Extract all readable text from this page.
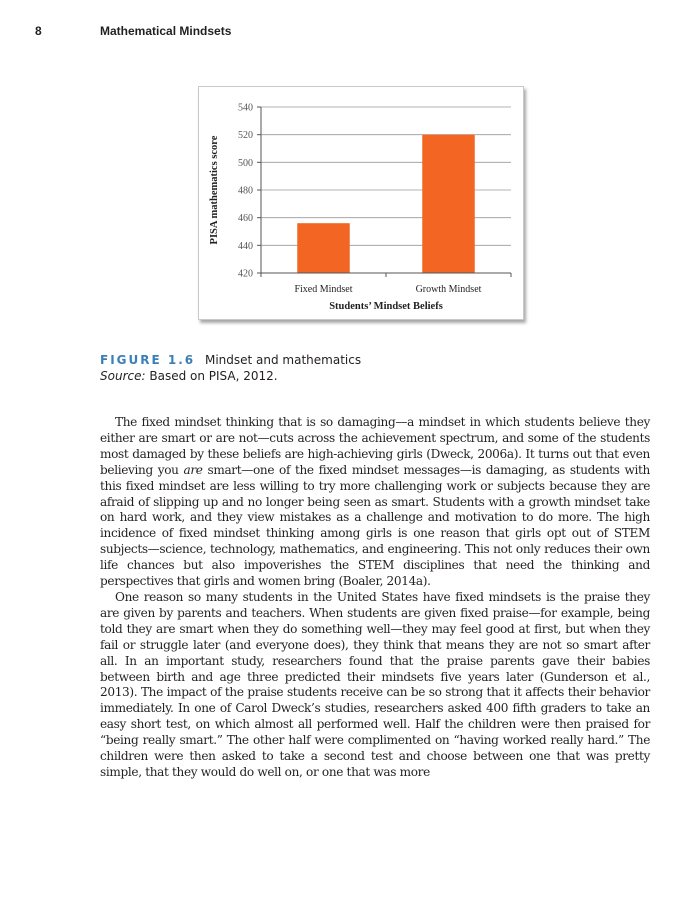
8	Mathematical Mindsets
420
440
460
480
500
520
540
Fixed Mindset	Growth Mindset
PISA mathematics score
Students’ Mindset Beliefs
FIGURE 1.6 Mindset and mathematics
Source: Based on PISA, 2012.

The fixed mindset thinking that is so damaging—a mindset in which students believe they either are smart or are not—cuts across the achievement spectrum, and some of the students most damaged by these beliefs are high-achieving girls (Dweck, 2006a). It turns out that even believing you are smart—one of the fixed mindset messages—is damaging, as students with this fixed mindset are less willing to try more challenging work or subjects because they are afraid of slipping up and no longer being seen as smart. Students with a growth mindset take on hard work, and they view mistakes as a challenge and motivation to do more. The high incidence of fixed mindset thinking among girls is one reason that girls opt out of STEM subjects—science, technology, mathematics, and engineering. This not only reduces their own life chances but also impoverishes the STEM disciplines that need the thinking and perspectives that girls and women bring (Boaler, 2014a).

One reason so many students in the United States have fixed mindsets is the praise they are given by parents and teachers. When students are given fixed praise—for example, being told they are smart when they do something well—they may feel good at first, but when they fail or struggle later (and everyone does), they think that means they are not so smart after all. In an important study, researchers found that the praise parents gave their babies between birth and age three predicted their mindsets five years later (Gunderson et al., 2013). The impact of the praise students receive can be so strong that it affects their behavior immediately. In one of Carol Dweck’s studies, researchers asked 400 fifth graders to take an easy short test, on which almost all performed well. Half the children were then praised for “being really smart.” The other half were complimented on “having worked really hard.” The children were then asked to take a second test and choose between one that was pretty simple, that they would do well on, or one that was more
